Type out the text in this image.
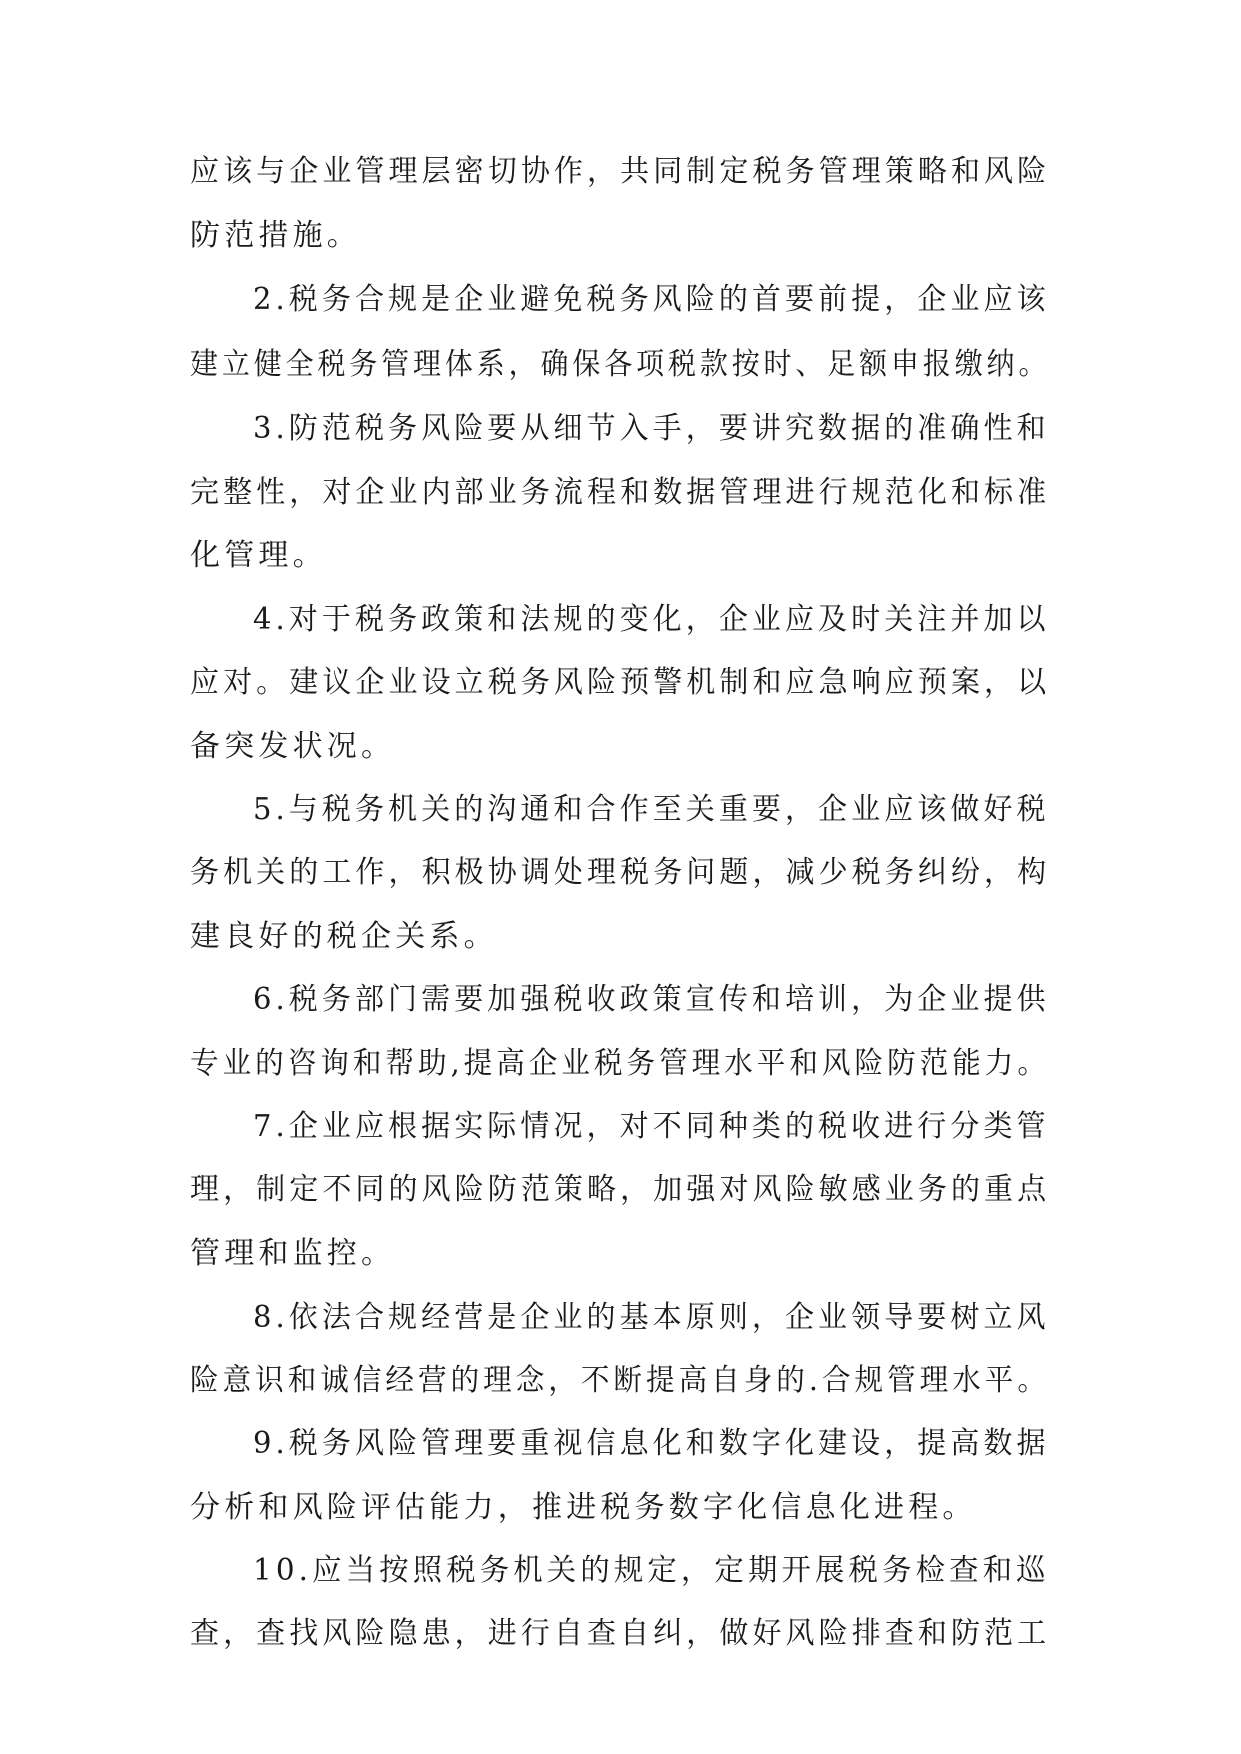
应该与企业管理层密切协作，共同制定税务管理策略和风险

防范措施。

2.税务合规是企业避免税务风险的首要前提，企业应该

建立健全税务管理体系，确保各项税款按时、足额申报缴纳。

3.防范税务风险要从细节入手，要讲究数据的准确性和

完整性，对企业内部业务流程和数据管理进行规范化和标准

化管理。

4.对于税务政策和法规的变化，企业应及时关注并加以

应对。建议企业设立税务风险预警机制和应急响应预案，以

备突发状况。

5.与税务机关的沟通和合作至关重要，企业应该做好税

务机关的工作，积极协调处理税务问题，减少税务纠纷，构

建良好的税企关系。

6.税务部门需要加强税收政策宣传和培训，为企业提供

专业的咨询和帮助,提高企业税务管理水平和风险防范能力。

7.企业应根据实际情况，对不同种类的税收进行分类管

理，制定不同的风险防范策略，加强对风险敏感业务的重点

管理和监控。

8.依法合规经营是企业的基本原则，企业领导要树立风

险意识和诚信经营的理念，不断提高自身的.合规管理水平。

9.税务风险管理要重视信息化和数字化建设，提高数据

分析和风险评估能力，推进税务数字化信息化进程。

10.应当按照税务机关的规定，定期开展税务检查和巡

查，查找风险隐患，进行自查自纠，做好风险排查和防范工
